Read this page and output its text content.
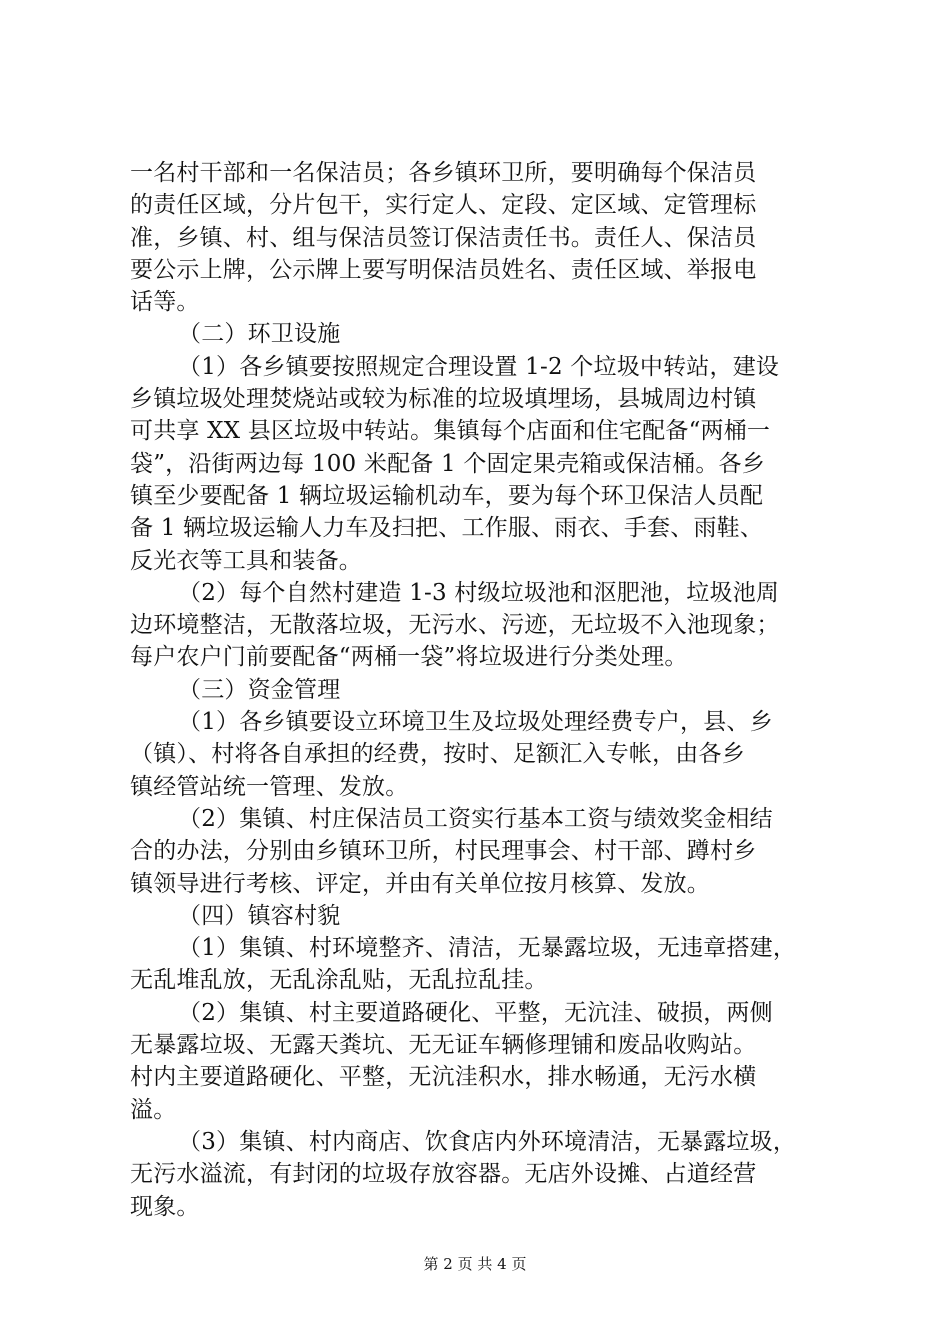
一名村干部和一名保洁员；各乡镇环卫所，要明确每个保洁员
的责任区域，分片包干，实行定人、定段、定区域、定管理标
准，乡镇、村、组与保洁员签订保洁责任书。责任人、保洁员
要公示上牌，公示牌上要写明保洁员姓名、责任区域、举报电
话等。
（二）环卫设施
（1）各乡镇要按照规定合理设置 1-2 个垃圾中转站，建设
乡镇垃圾处理焚烧站或较为标准的垃圾填埋场，县城周边村镇
可共享 XX 县区垃圾中转站。集镇每个店面和住宅配备“两桶一
袋”，沿街两边每 100 米配备 1 个固定果壳箱或保洁桶。各乡
镇至少要配备 1 辆垃圾运输机动车，要为每个环卫保洁人员配
备 1 辆垃圾运输人力车及扫把、工作服、雨衣、手套、雨鞋、
反光衣等工具和装备。
（2）每个自然村建造 1-3 村级垃圾池和沤肥池，垃圾池周
边环境整洁，无散落垃圾，无污水、污迹，无垃圾不入池现象；
每户农户门前要配备“两桶一袋”将垃圾进行分类处理。
（三）资金管理
（1）各乡镇要设立环境卫生及垃圾处理经费专户，县、乡
（镇）、村将各自承担的经费，按时、足额汇入专帐，由各乡
镇经管站统一管理、发放。
（2）集镇、村庄保洁员工资实行基本工资与绩效奖金相结
合的办法，分别由乡镇环卫所，村民理事会、村干部、蹲村乡
镇领导进行考核、评定，并由有关单位按月核算、发放。
（四）镇容村貌
（1）集镇、村环境整齐、清洁，无暴露垃圾，无违章搭建，
无乱堆乱放，无乱涂乱贴，无乱拉乱挂。
（2）集镇、村主要道路硬化、平整，无沆洼、破损，两侧
无暴露垃圾、无露天粪坑、无无证车辆修理铺和废品收购站。
村内主要道路硬化、平整，无沆洼积水，排水畅通，无污水横
溢。
（3）集镇、村内商店、饮食店内外环境清洁，无暴露垃圾，
无污水溢流，有封闭的垃圾存放容器。无店外设摊、占道经营
现象。
第 2 页 共 4 页
